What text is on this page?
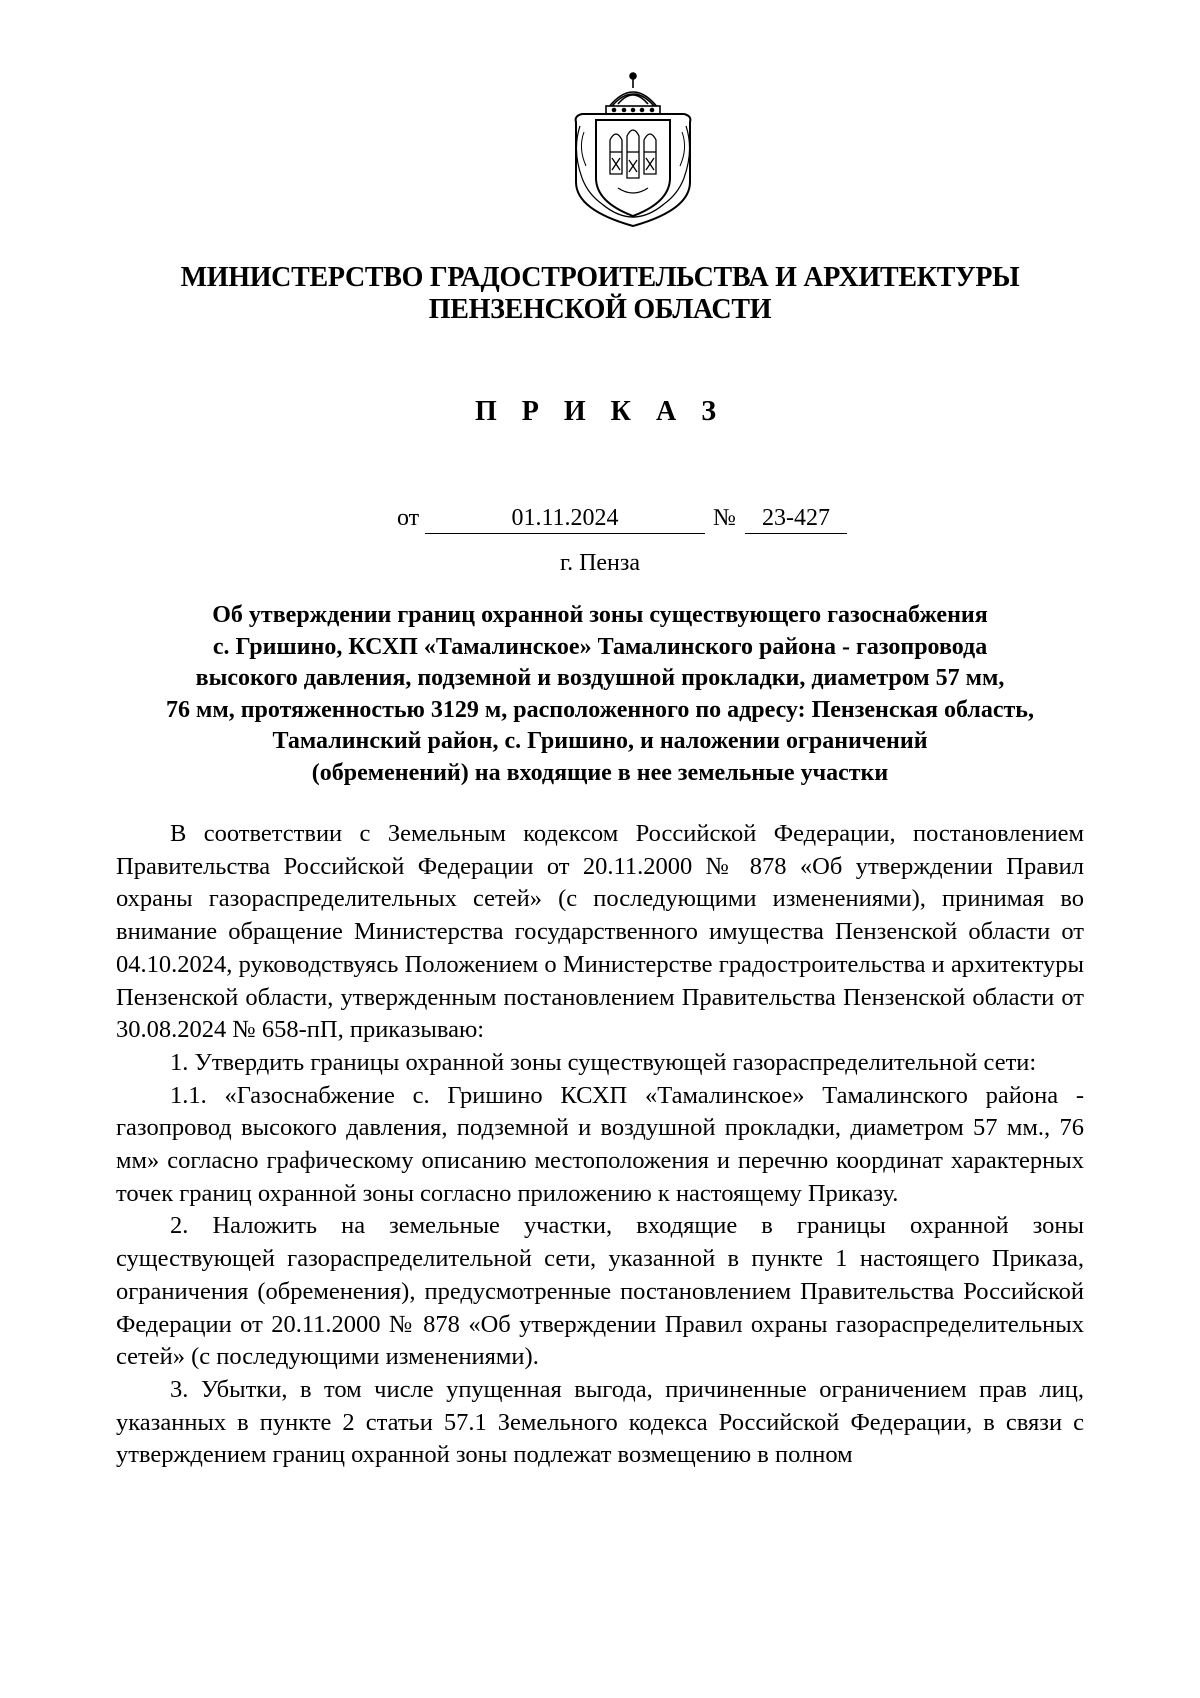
МИНИСТЕРСТВО ГРАДОСТРОИТЕЛЬСТВА И АРХИТЕКТУРЫ
ПЕНЗЕНСКОЙ ОБЛАСТИ
П Р И К А З
от	01.11.2024	№	23-427
г. Пенза
Об утверждении границ охранной зоны существующего газоснабжения
с. Гришино, КСХП «Тамалинское» Тамалинского района - газопровода
высокого давления, подземной и воздушной прокладки, диаметром 57 мм,
76 мм, протяженностью 3129 м, расположенного по адресу: Пензенская область,
Тамалинский район, с. Гришино, и наложении ограничений
(обременений) на входящие в нее земельные участки

В соответствии с Земельным кодексом Российской Федерации, постановлением Правительства Российской Федерации от 20.11.2000 № 878 «Об утверждении Правил охраны газораспределительных сетей» (с последующими изменениями), принимая во внимание обращение Министерства государственного имущества Пензенской области от 04.10.2024, руководствуясь Положением о Министерстве градостроительства и архитектуры Пензенской области, утвержденным постановлением Правительства Пензенской области от 30.08.2024 № 658-пП, приказываю:

1. Утвердить границы охранной зоны существующей газораспределительной сети:

1.1. «Газоснабжение с. Гришино КСХП «Тамалинское» Тамалинского района - газопровод высокого давления, подземной и воздушной прокладки, диаметром 57 мм., 76 мм» согласно графическому описанию местоположения и перечню координат характерных точек границ охранной зоны согласно приложению к настоящему Приказу.

2. Наложить на земельные участки, входящие в границы охранной зоны существующей газораспределительной сети, указанной в пункте 1 настоящего Приказа, ограничения (обременения), предусмотренные постановлением Правительства Российской Федерации от 20.11.2000 № 878 «Об утверждении Правил охраны газораспределительных сетей» (с последующими изменениями).

3. Убытки, в том числе упущенная выгода, причиненные ограничением прав лиц, указанных в пункте 2 статьи 57.1 Земельного кодекса Российской Федерации, в связи с утверждением границ охранной зоны подлежат возмещению в полном
